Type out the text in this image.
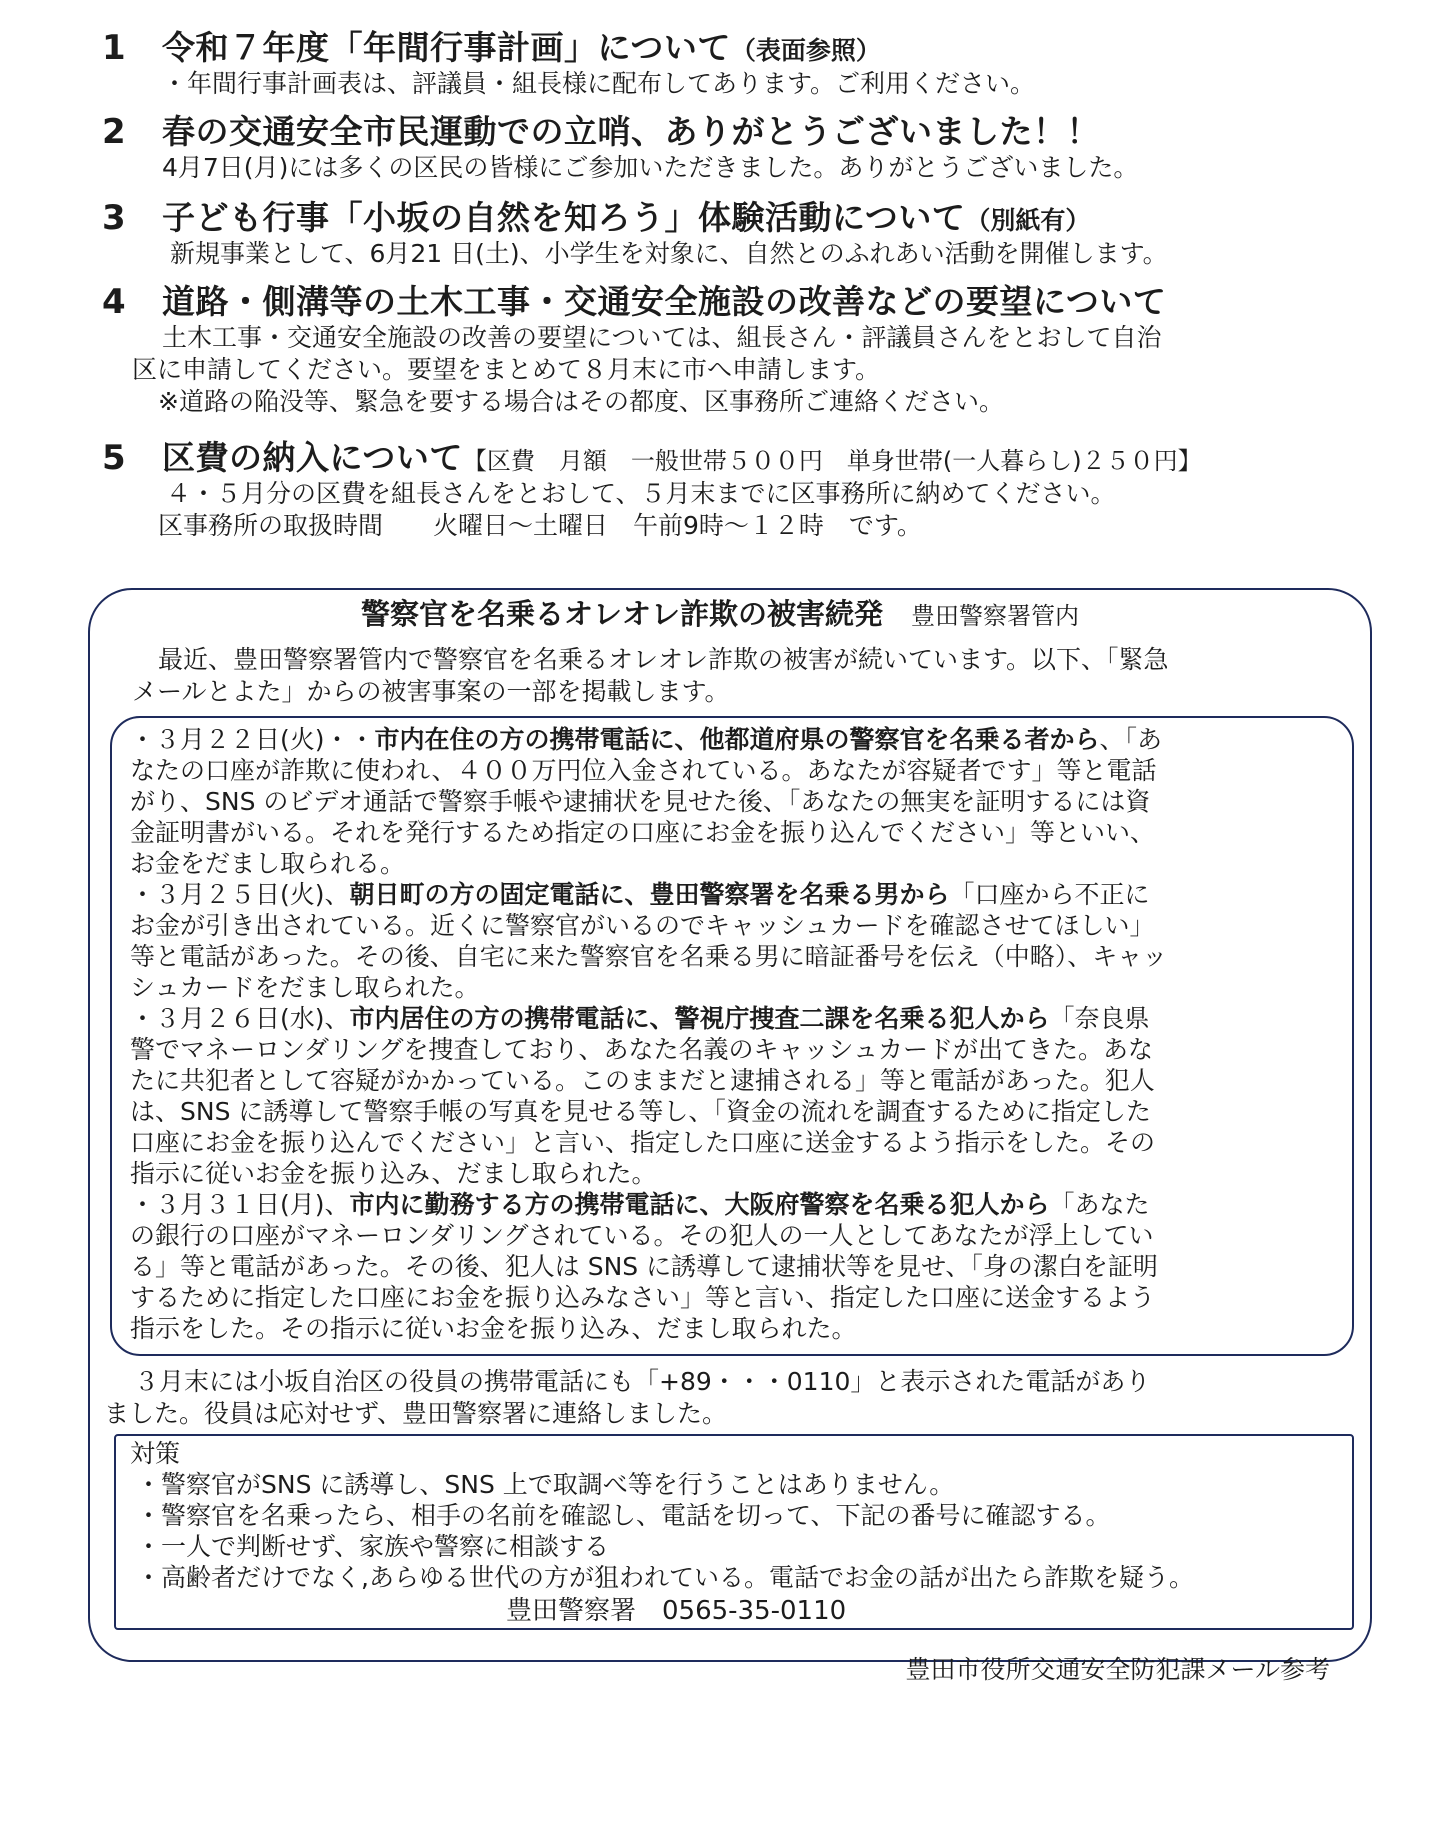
1 令和７年度「年間行事計画」について（表面参照）
・年間行事計画表は、評議員・組長様に配布してあります。ご利用ください。
2 春の交通安全市民運動での立哨、ありがとうございました！！
4月7日(月)には多くの区民の皆様にご参加いただきました。ありがとうございました。
3 子ども行事「小坂の自然を知ろう」体験活動について（別紙有）
新規事業として、6月21 日(土)、小学生を対象に、自然とのふれあい活動を開催します。
4 道路・側溝等の土木工事・交通安全施設の改善などの要望について
土木工事・交通安全施設の改善の要望については、組長さん・評議員さんをとおして自治
区に申請してください。要望をまとめて８月末に市へ申請します。
※道路の陥没等、緊急を要する場合はその都度、区事務所ご連絡ください。
5 区費の納入について【区費　月額　一般世帯５００円　単身世帯(一人暮らし)２５０円】
４・５月分の区費を組長さんをとおして、５月末までに区事務所に納めてください。
区事務所の取扱時間　　火曜日～土曜日　午前9時～１２時　です。
警察官を名乗るオレオレ詐欺の被害続発 豊田警察署管内
最近、豊田警察署管内で警察官を名乗るオレオレ詐欺の被害が続いています。以下、「緊急
メールとよた」からの被害事案の一部を掲載します。
・３月２２日(火)・・市内在住の方の携帯電話に、他都道府県の警察官を名乗る者から、「あ
なたの口座が詐欺に使われ、４００万円位入金されている。あなたが容疑者です」等と電話
がり、SNS のビデオ通話で警察手帳や逮捕状を見せた後、「あなたの無実を証明するには資
金証明書がいる。それを発行するため指定の口座にお金を振り込んでください」等といい、
お金をだまし取られる。
・３月２５日(火)、朝日町の方の固定電話に、豊田警察署を名乗る男から「口座から不正に
お金が引き出されている。近くに警察官がいるのでキャッシュカードを確認させてほしい」
等と電話があった。その後、自宅に来た警察官を名乗る男に暗証番号を伝え（中略）、キャッ
シュカードをだまし取られた。
・３月２６日(水)、市内居住の方の携帯電話に、警視庁捜査二課を名乗る犯人から「奈良県
警でマネーロンダリングを捜査しており、あなた名義のキャッシュカードが出てきた。あな
たに共犯者として容疑がかかっている。このままだと逮捕される」等と電話があった。犯人
は、SNS に誘導して警察手帳の写真を見せる等し、「資金の流れを調査するために指定した
口座にお金を振り込んでください」と言い、指定した口座に送金するよう指示をした。その
指示に従いお金を振り込み、だまし取られた。
・３月３１日(月)、市内に勤務する方の携帯電話に、大阪府警察を名乗る犯人から「あなた
の銀行の口座がマネーロンダリングされている。その犯人の一人としてあなたが浮上してい
る」等と電話があった。その後、犯人は SNS に誘導して逮捕状等を見せ、「身の潔白を証明
するために指定した口座にお金を振り込みなさい」等と言い、指定した口座に送金するよう
指示をした。その指示に従いお金を振り込み、だまし取られた。
３月末には小坂自治区の役員の携帯電話にも「+89・・・0110」と表示された電話があり
ました。役員は応対せず、豊田警察署に連絡しました。
対策
・警察官がSNS に誘導し、SNS 上で取調べ等を行うことはありません。
・警察官を名乗ったら、相手の名前を確認し、電話を切って、下記の番号に確認する。
・一人で判断せず、家族や警察に相談する
・高齢者だけでなく,あらゆる世代の方が狙われている。電話でお金の話が出たら詐欺を疑う。
豊田警察署　0565-35-0110
豊田市役所交通安全防犯課メール参考
